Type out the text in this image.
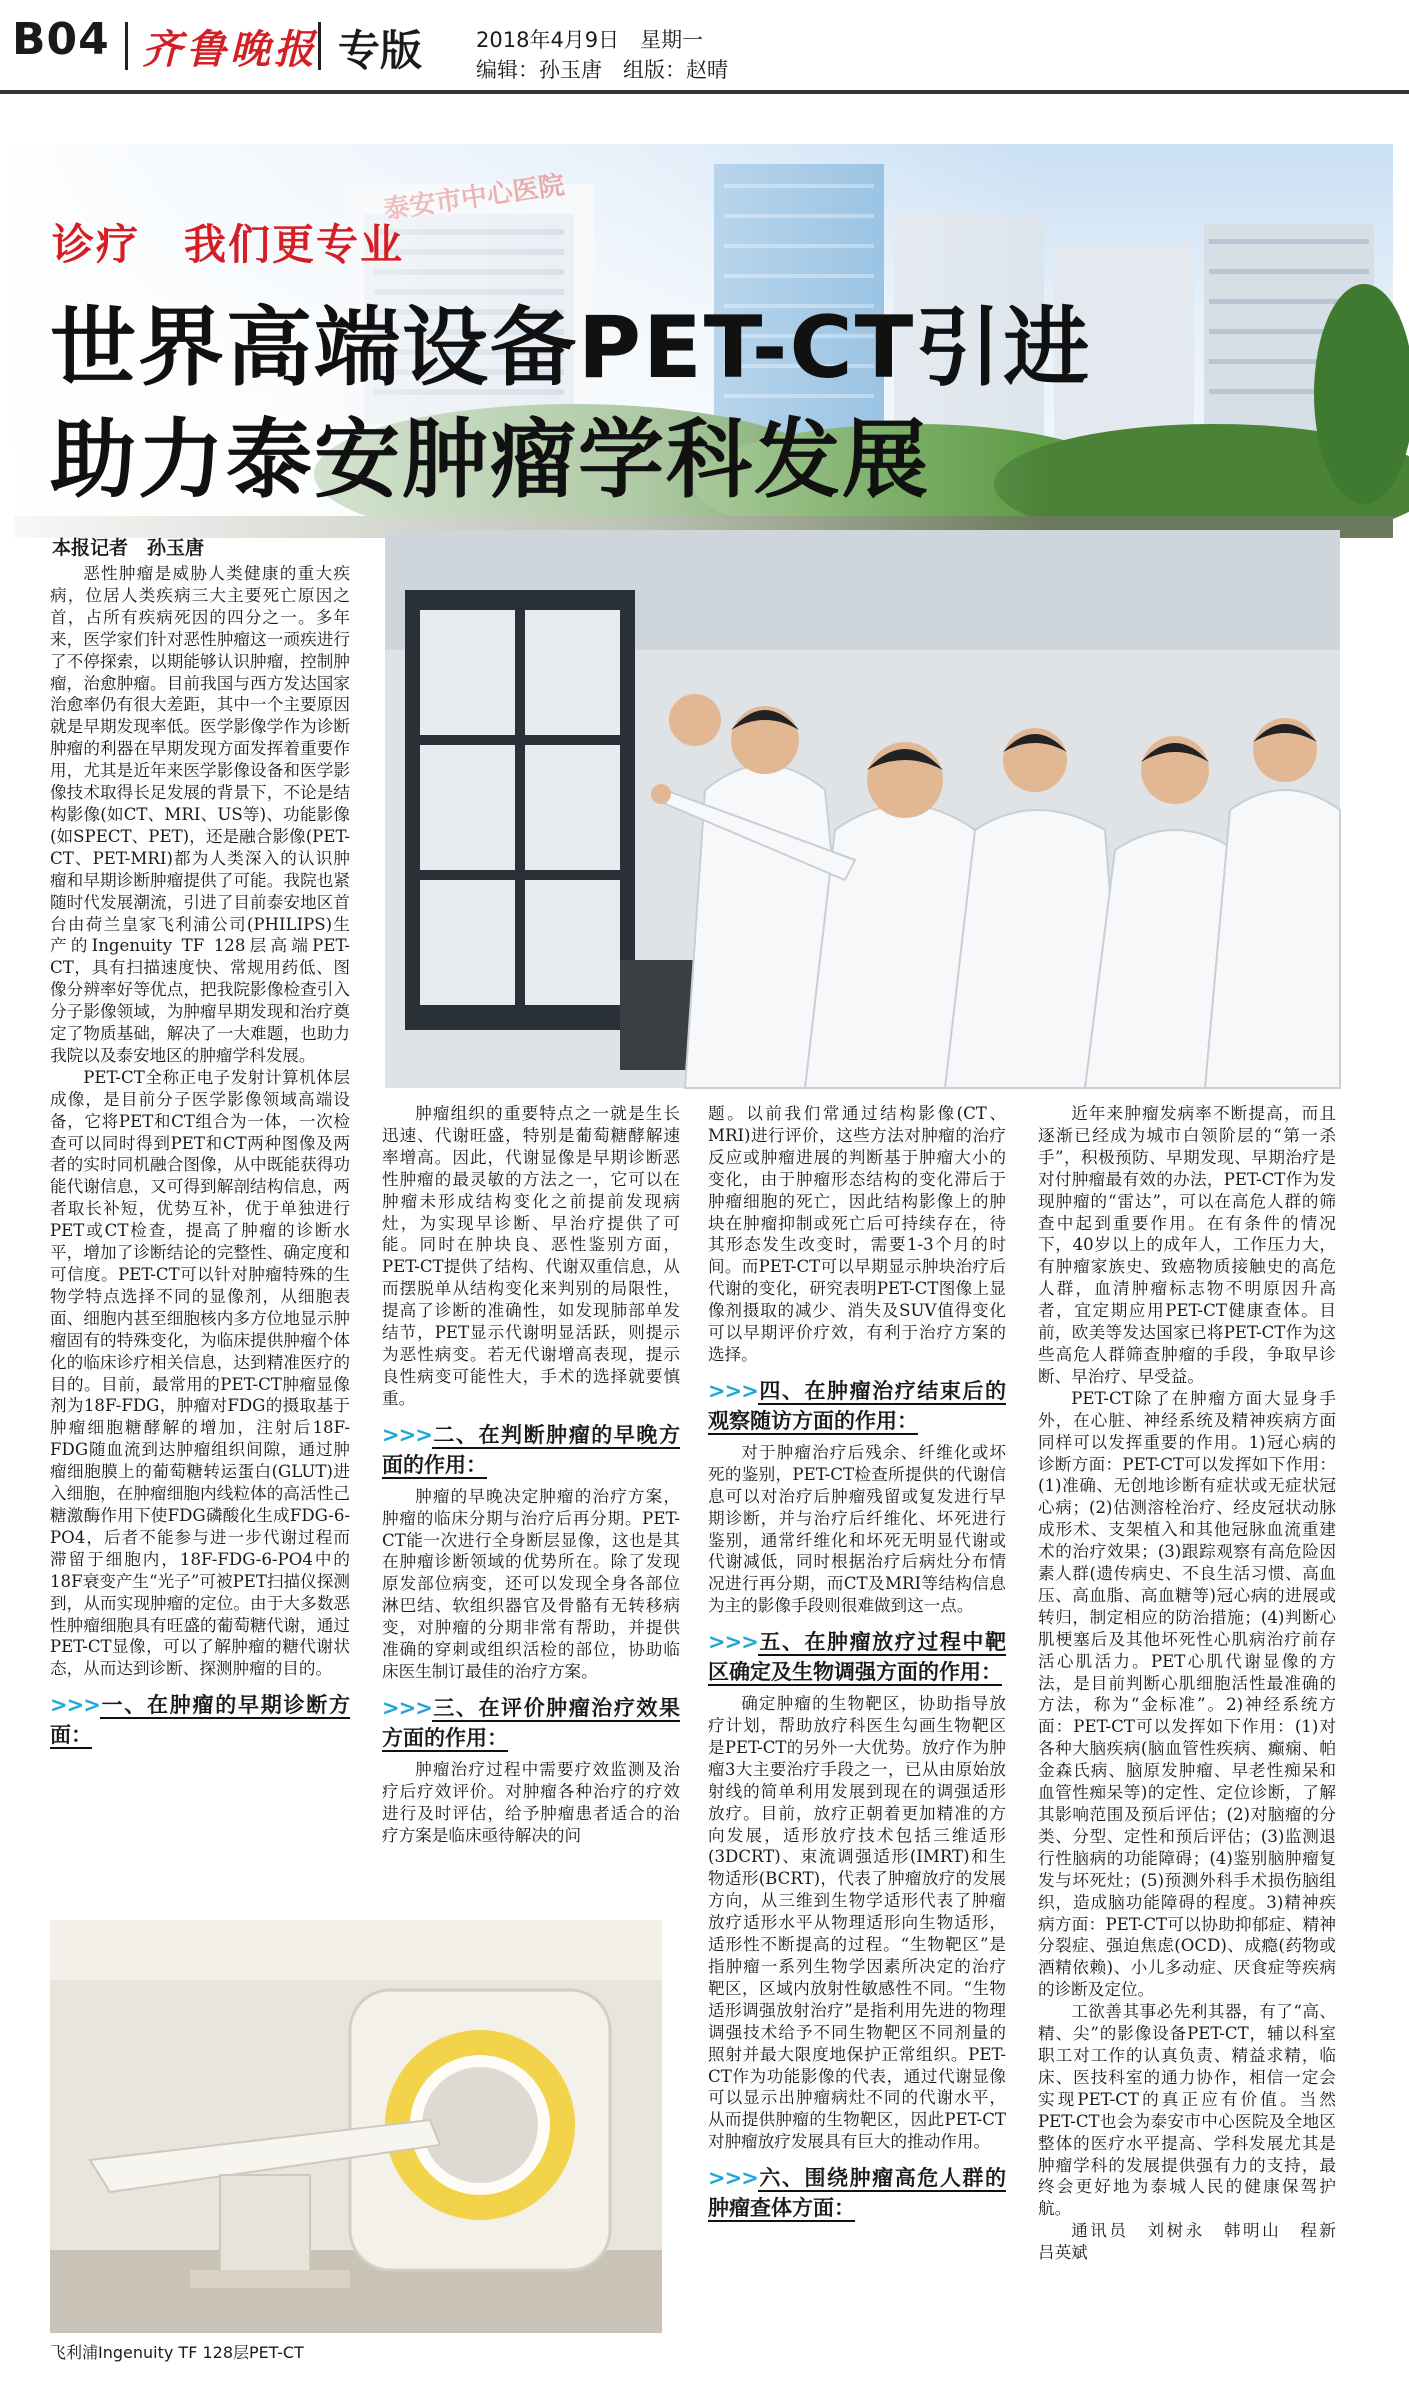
B04 齐鲁晚报 专版	2018年4月9日　星期一
编辑：孙玉唐　组版：赵晴
诊疗　我们更专业
世界高端设备PET-CT引进
助力泰安肿瘤学科发展
本报记者　孙玉唐

恶性肿瘤是威胁人类健康的重大疾病，位居人类疾病三大主要死亡原因之首，占所有疾病死因的四分之一。多年来，医学家们针对恶性肿瘤这一顽疾进行了不停探索，以期能够认识肿瘤，控制肿瘤，治愈肿瘤。目前我国与西方发达国家治愈率仍有很大差距，其中一个主要原因就是早期发现率低。医学影像学作为诊断肿瘤的利器在早期发现方面发挥着重要作用，尤其是近年来医学影像设备和医学影像技术取得长足发展的背景下，不论是结构影像(如CT、MRI、US等)、功能影像(如SPECT、PET)，还是融合影像(PET-CT、PET-MRI)都为人类深入的认识肿瘤和早期诊断肿瘤提供了可能。我院也紧随时代发展潮流，引进了目前泰安地区首台由荷兰皇家飞利浦公司(PHILIPS)生产的Ingenuity TF 128层高端PET-CT，具有扫描速度快、常规用药低、图像分辨率好等优点，把我院影像检查引入分子影像领域，为肿瘤早期发现和治疗奠定了物质基础，解决了一大难题，也助力我院以及泰安地区的肿瘤学科发展。

PET-CT全称正电子发射计算机体层成像，是目前分子医学影像领域高端设备，它将PET和CT组合为一体，一次检查可以同时得到PET和CT两种图像及两者的实时同机融合图像，从中既能获得功能代谢信息，又可得到解剖结构信息，两者取长补短，优势互补，优于单独进行PET或CT检查，提高了肿瘤的诊断水平，增加了诊断结论的完整性、确定度和可信度。PET-CT可以针对肿瘤特殊的生物学特点选择不同的显像剂，从细胞表面、细胞内甚至细胞核内多方位地显示肿瘤固有的特殊变化，为临床提供肿瘤个体化的临床诊疗相关信息，达到精准医疗的目的。目前，最常用的PET-CT肿瘤显像剂为18F-FDG，肿瘤对FDG的摄取基于肿瘤细胞糖酵解的增加，注射后18F-FDG随血流到达肿瘤组织间隙，通过肿瘤细胞膜上的葡萄糖转运蛋白(GLUT)进入细胞，在肿瘤细胞内线粒体的高活性己糖激酶作用下使FDG磷酸化生成FDG-6-PO4，后者不能参与进一步代谢过程而滞留于细胞内，18F-FDG-6-PO4中的18F衰变产生“光子”可被PET扫描仪探测到，从而实现肿瘤的定位。由于大多数恶性肿瘤细胞具有旺盛的葡萄糖代谢，通过PET-CT显像，可以了解肿瘤的糖代谢状态，从而达到诊断、探测肿瘤的目的。

>>>一、在肿瘤的早期诊断方面：

肿瘤组织的重要特点之一就是生长迅速、代谢旺盛，特别是葡萄糖酵解速率增高。因此，代谢显像是早期诊断恶性肿瘤的最灵敏的方法之一，它可以在肿瘤未形成结构变化之前提前发现病灶，为实现早诊断、早治疗提供了可能。同时在肿块良、恶性鉴别方面，PET-CT提供了结构、代谢双重信息，从而摆脱单从结构变化来判别的局限性，提高了诊断的准确性，如发现肺部单发结节，PET显示代谢明显活跃，则提示为恶性病变。若无代谢增高表现，提示良性病变可能性大，手术的选择就要慎重。

>>>二、在判断肿瘤的早晚方面的作用：

肿瘤的早晚决定肿瘤的治疗方案，肿瘤的临床分期与治疗后再分期。PET-CT能一次进行全身断层显像，这也是其在肿瘤诊断领域的优势所在。除了发现原发部位病变，还可以发现全身各部位淋巴结、软组织器官及骨骼有无转移病变，对肿瘤的分期非常有帮助，并提供准确的穿刺或组织活检的部位，协助临床医生制订最佳的治疗方案。

>>>三、在评价肿瘤治疗效果方面的作用：

肿瘤治疗过程中需要疗效监测及治疗后疗效评价。对肿瘤各种治疗的疗效进行及时评估，给予肿瘤患者适合的治疗方案是临床亟待解决的问

题。以前我们常通过结构影像(CT、MRI)进行评价，这些方法对肿瘤的治疗反应或肿瘤进展的判断基于肿瘤大小的变化，由于肿瘤形态结构的变化滞后于肿瘤细胞的死亡，因此结构影像上的肿块在肿瘤抑制或死亡后可持续存在，待其形态发生改变时，需要1-3个月的时间。而PET-CT可以早期显示肿块治疗后代谢的变化，研究表明PET-CT图像上显像剂摄取的减少、消失及SUV值得变化可以早期评价疗效，有利于治疗方案的选择。

>>>四、在肿瘤治疗结束后的观察随访方面的作用：

对于肿瘤治疗后残余、纤维化或坏死的鉴别，PET-CT检查所提供的代谢信息可以对治疗后肿瘤残留或复发进行早期诊断，并与治疗后纤维化、坏死进行鉴别，通常纤维化和坏死无明显代谢或代谢减低，同时根据治疗后病灶分布情况进行再分期，而CT及MRI等结构信息为主的影像手段则很难做到这一点。

>>>五、在肿瘤放疗过程中靶区确定及生物调强方面的作用：

确定肿瘤的生物靶区，协助指导放疗计划，帮助放疗科医生勾画生物靶区是PET-CT的另外一大优势。放疗作为肿瘤3大主要治疗手段之一，已从由原始放射线的简单利用发展到现在的调强适形放疗。目前，放疗正朝着更加精准的方向发展，适形放疗技术包括三维适形(3DCRT)、束流调强适形(IMRT)和生物适形(BCRT)，代表了肿瘤放疗的发展方向，从三维到生物学适形代表了肿瘤放疗适形水平从物理适形向生物适形，适形性不断提高的过程。“生物靶区”是指肿瘤一系列生物学因素所决定的治疗靶区，区域内放射性敏感性不同。“生物适形调强放射治疗”是指利用先进的物理调强技术给予不同生物靶区不同剂量的照射并最大限度地保护正常组织。PET-CT作为功能影像的代表，通过代谢显像可以显示出肿瘤病灶不同的代谢水平，从而提供肿瘤的生物靶区，因此PET-CT对肿瘤放疗发展具有巨大的推动作用。

>>>六、围绕肿瘤高危人群的肿瘤查体方面：

近年来肿瘤发病率不断提高，而且逐渐已经成为城市白领阶层的“第一杀手”，积极预防、早期发现、早期治疗是对付肿瘤最有效的办法，PET-CT作为发现肿瘤的“雷达”，可以在高危人群的筛查中起到重要作用。在有条件的情况下，40岁以上的成年人，工作压力大，有肿瘤家族史、致癌物质接触史的高危人群，血清肿瘤标志物不明原因升高者，宜定期应用PET-CT健康查体。目前，欧美等发达国家已将PET-CT作为这些高危人群筛查肿瘤的手段，争取早诊断、早治疗、早受益。

PET-CT除了在肿瘤方面大显身手外，在心脏、神经系统及精神疾病方面同样可以发挥重要的作用。1)冠心病的诊断方面：PET-CT可以发挥如下作用：(1)准确、无创地诊断有症状或无症状冠心病；(2)估测溶栓治疗、经皮冠状动脉成形术、支架植入和其他冠脉血流重建术的治疗效果；(3)跟踪观察有高危险因素人群(遗传病史、不良生活习惯、高血压、高血脂、高血糖等)冠心病的进展或转归，制定相应的防治措施；(4)判断心肌梗塞后及其他坏死性心肌病治疗前存活心肌活力。PET心肌代谢显像的方法，是目前判断心肌细胞活性最准确的方法，称为“金标准”。2)神经系统方面：PET-CT可以发挥如下作用：(1)对各种大脑疾病(脑血管性疾病、癫痫、帕金森氏病、脑原发肿瘤、早老性痴呆和血管性痴呆等)的定性、定位诊断，了解其影响范围及预后评估；(2)对脑瘤的分类、分型、定性和预后评估；(3)监测退行性脑病的功能障碍；(4)鉴别脑肿瘤复发与坏死灶；(5)预测外科手术损伤脑组织，造成脑功能障碍的程度。3)精神疾病方面：PET-CT可以协助抑郁症、精神分裂症、强迫焦虑(OCD)、成瘾(药物或酒精依赖)、小儿多动症、厌食症等疾病的诊断及定位。

工欲善其事必先利其器，有了“高、精、尖”的影像设备PET-CT，辅以科室职工对工作的认真负责、精益求精，临床、医技科室的通力协作，相信一定会实现PET-CT的真正应有价值。当然PET-CT也会为泰安市中心医院及全地区整体的医疗水平提高、学科发展尤其是肿瘤学科的发展提供强有力的支持，最终会更好地为泰城人民的健康保驾护航。

通讯员　刘树永　韩明山　程新　吕英斌

飞利浦Ingenuity TF 128层PET-CT
